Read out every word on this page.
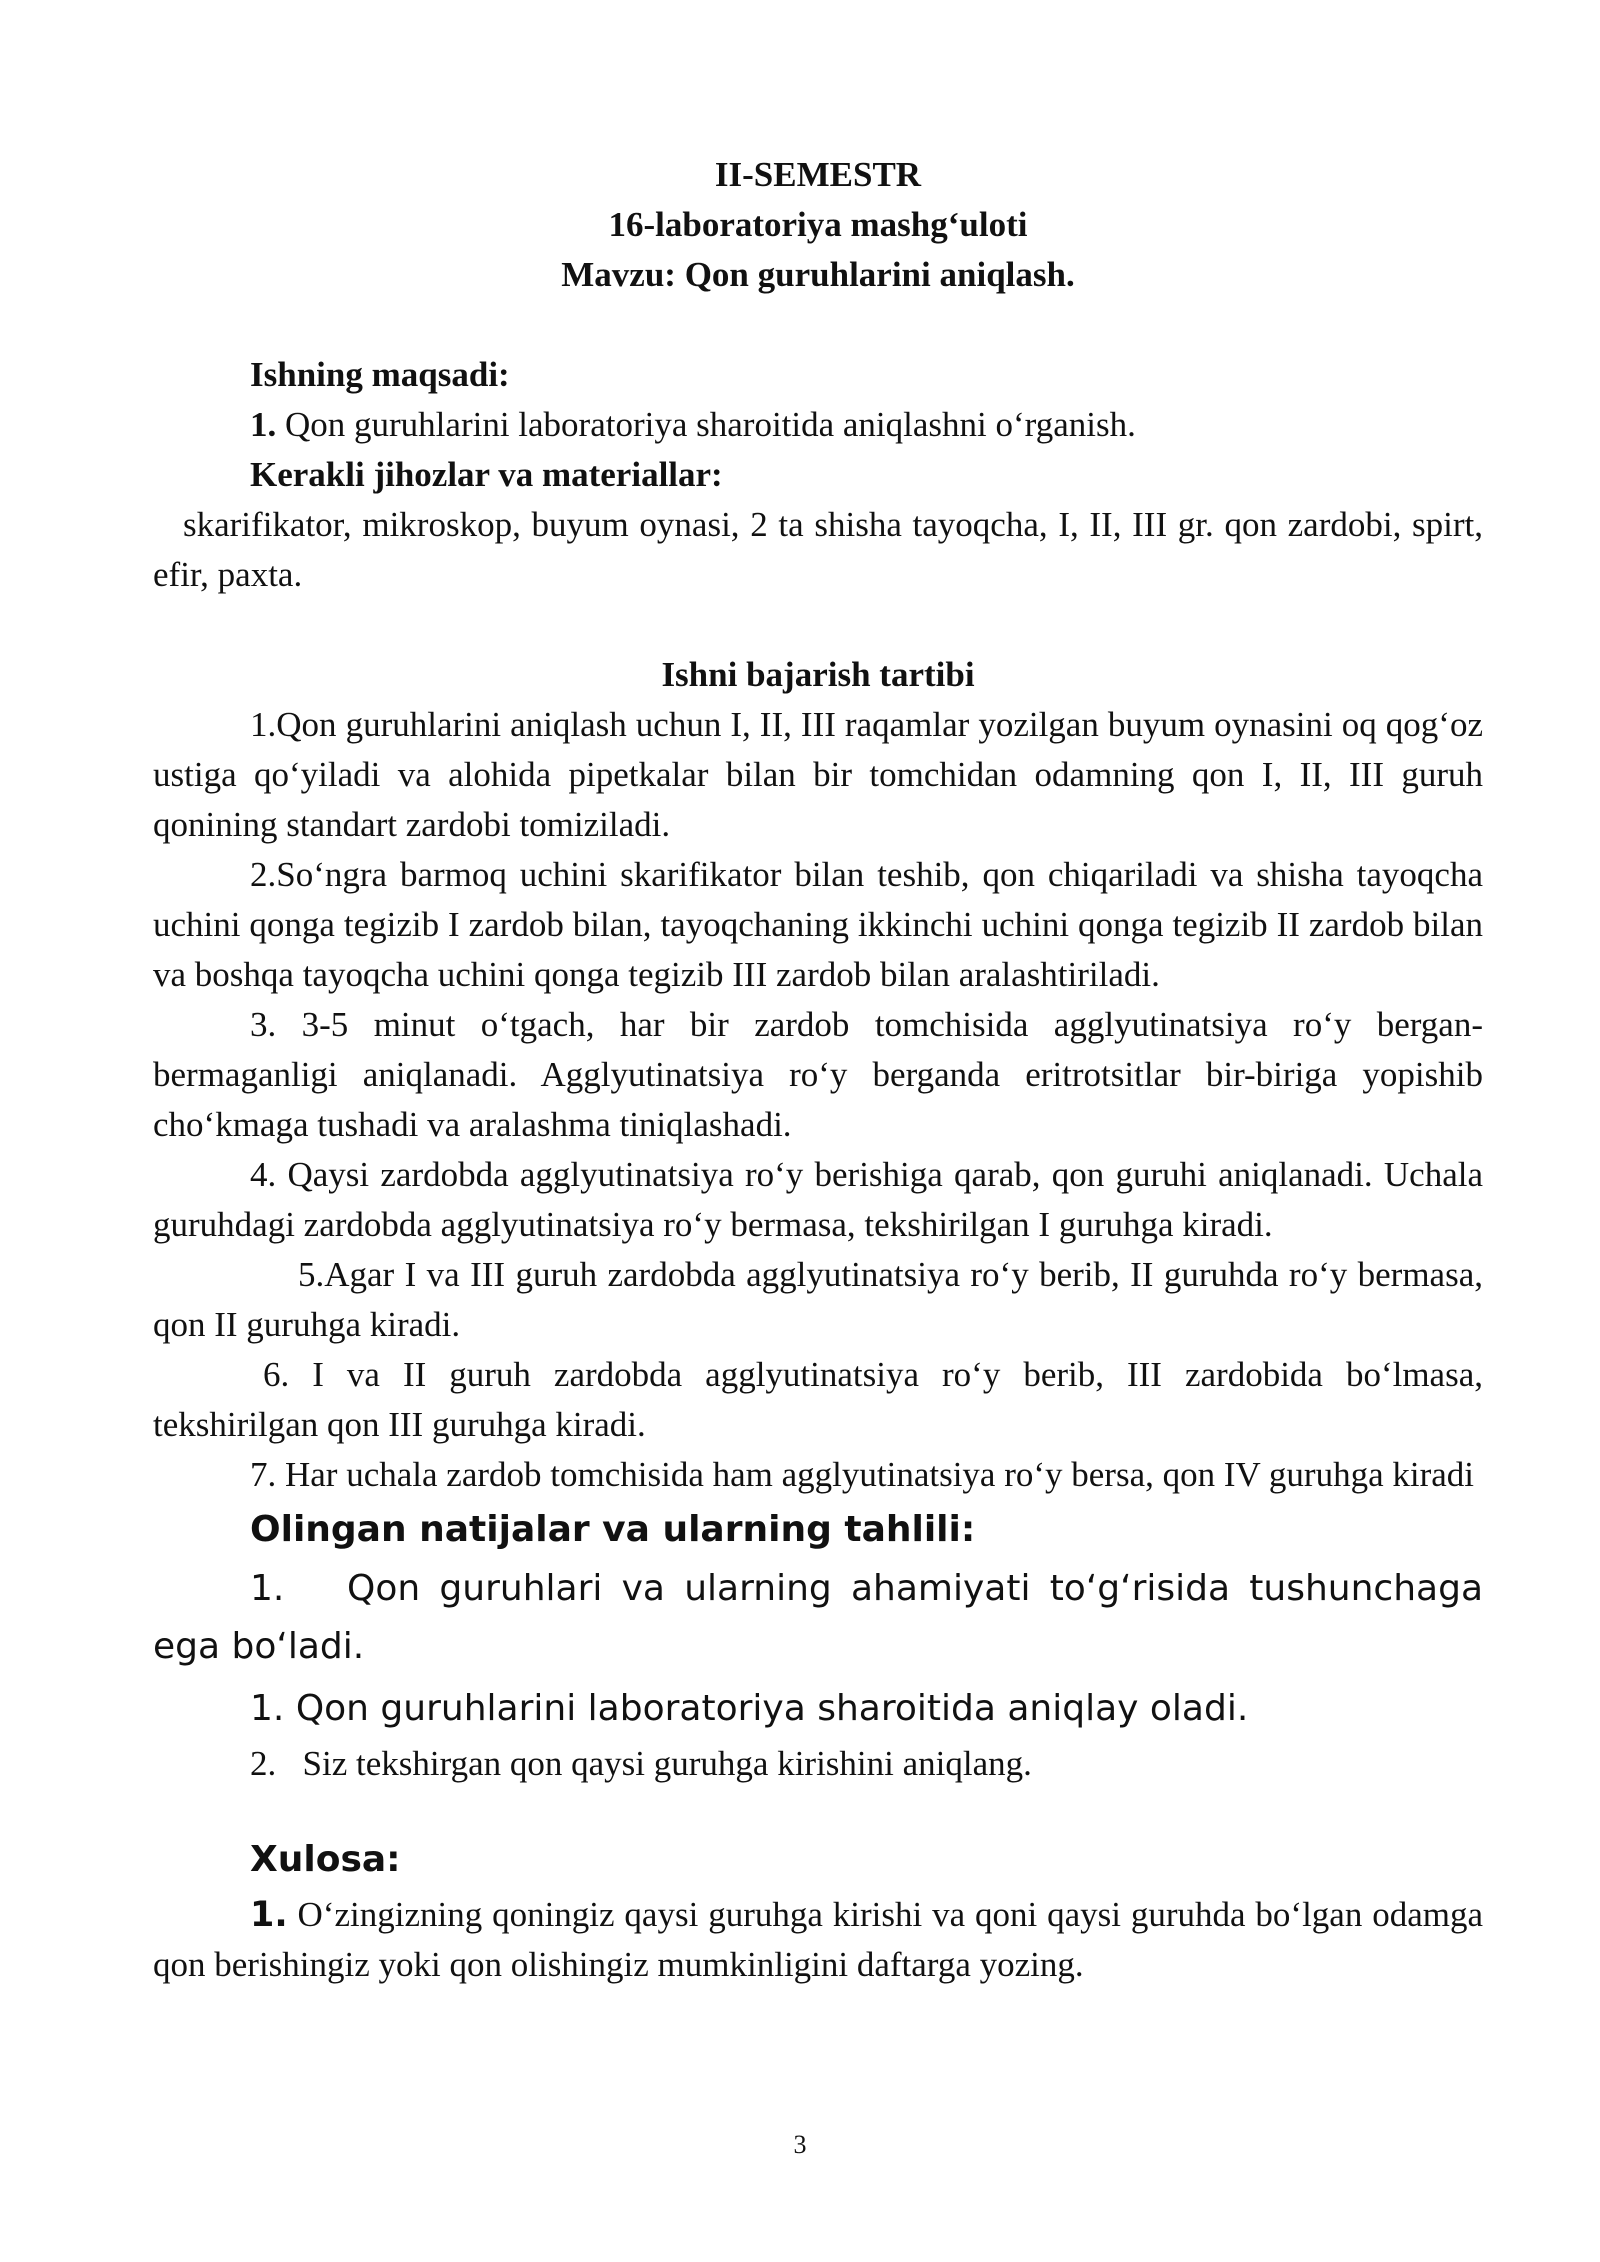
II-SEMESTR
16-laboratoriya mashg‘uloti
Mavzu: Qon guruhlarini aniqlash.

Ishning maqsadi:

1. Qon guruhlarini laboratoriya sharoitida aniqlashni o‘rganish.

Kerakli jihozlar va materiallar:

skarifikator, mikroskop, buyum oynasi, 2 ta shisha tayoqcha, I, II, III gr. qon zardobi, spirt, efir, paxta.

Ishni bajarish tartibi

1.Qon guruhlarini aniqlash uchun I, II, III raqamlar yozilgan buyum oynasini oq qog‘oz ustiga qo‘yiladi va alohida pipetkalar bilan bir tomchidan odamning qon I, II, III guruh qonining standart zardobi tomiziladi.

2.So‘ngra barmoq uchini skarifikator bilan teshib, qon chiqariladi va shisha tayoqcha uchini qonga tegizib I zardob bilan, tayoqchaning ikkinchi uchini qonga tegizib II zardob bilan va boshqa tayoqcha uchini qonga tegizib III zardob bilan aralashtiriladi.

3. 3-5 minut o‘tgach, har bir zardob tomchisida agglyutinatsiya ro‘y bergan-bermaganligi aniqlanadi. Agglyutinatsiya ro‘y berganda eritrotsitlar bir-biriga yopishib cho‘kmaga tushadi va aralashma tiniqlashadi.

4. Qaysi zardobda agglyutinatsiya ro‘y berishiga qarab, qon guruhi aniqlanadi. Uchala guruhdagi zardobda agglyutinatsiya ro‘y bermasa, tekshirilgan I guruhga kiradi.

5.Agar I va III guruh zardobda agglyutinatsiya ro‘y berib, II guruhda ro‘y bermasa, qon II guruhga kiradi.

6. I va II guruh zardobda agglyutinatsiya ro‘y berib, III zardobida bo‘lmasa, tekshirilgan qon III guruhga kiradi.

7. Har uchala zardob tomchisida ham agglyutinatsiya ro‘y bersa, qon IV guruhga kiradi

Olingan natijalar va ularning tahlili:

1. Qon guruhlari va ularning ahamiyati to‘g‘risida tushunchaga ega bo‘ladi.

1. Qon guruhlarini laboratoriya sharoitida aniqlay oladi.

2. Siz tekshirgan qon qaysi guruhga kirishini aniqlang.

Xulosa:

1. O‘zingizning qoningiz qaysi guruhga kirishi va qoni qaysi guruhda bo‘lgan odamga qon berishingiz yoki qon olishingiz mumkinligini daftarga yozing.

3
